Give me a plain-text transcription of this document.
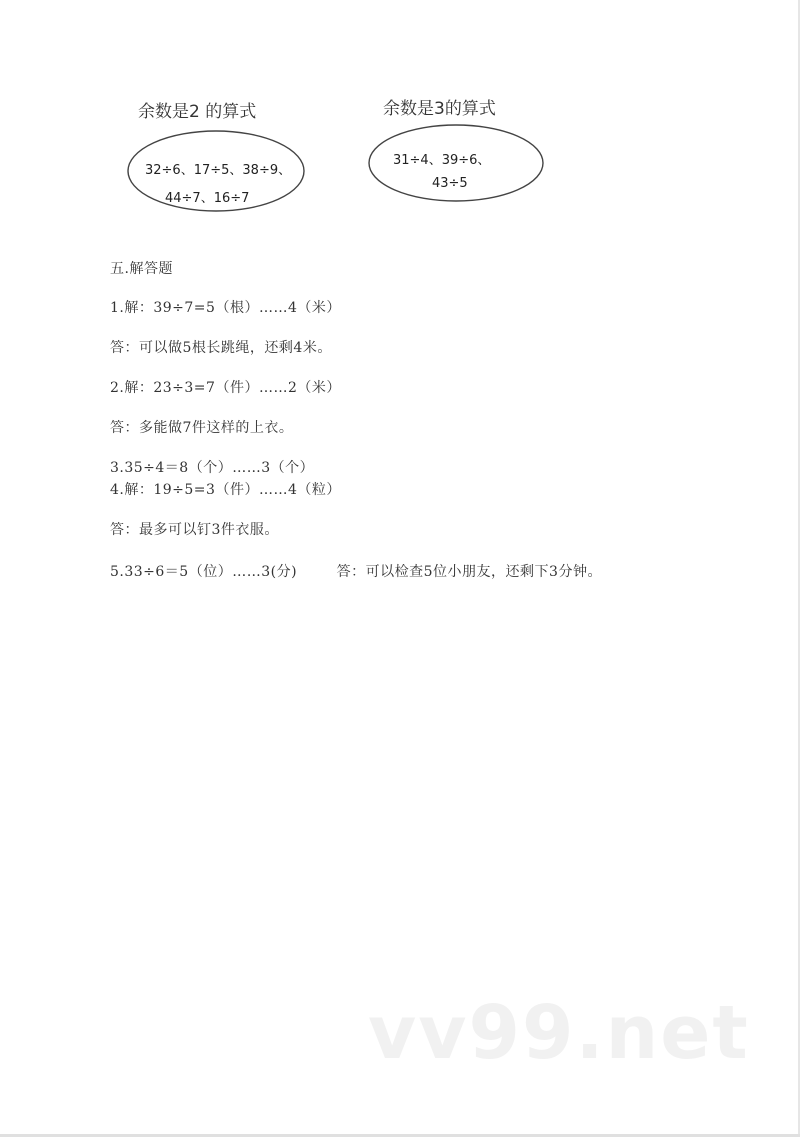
余数是2 的算式
32÷6、17÷5、38÷9、
44÷7、16÷7
余数是3的算式
31÷4、39÷6、
43÷5
五.解答题
1.解：39÷7=5（根）……4（米）
答：可以做5根长跳绳，还剩4米。
2.解：23÷3=7（件）……2（米）
答：多能做7件这样的上衣。
3.35÷4＝8（个）……3（个）
4.解：19÷5=3（件）……4（粒）
答：最多可以钉3件衣服。
5.33÷6＝5（位）……3(分)        答：可以检查5位小朋友，还剩下3分钟。
vv99.net
